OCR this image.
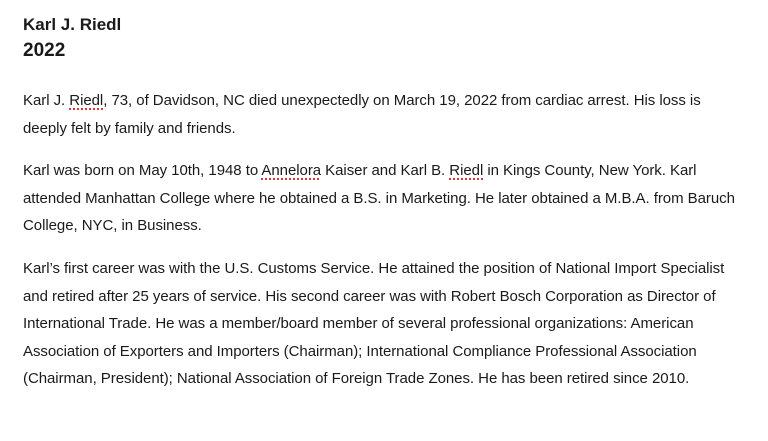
Karl J. Riedl
2022

Karl J. Riedl, 73, of Davidson, NC died unexpectedly on March 19, 2022 from cardiac arrest. His loss is deeply felt by family and friends.

Karl was born on May 10th, 1948 to Annelora Kaiser and Karl B. Riedl in Kings County, New York. Karl attended Manhattan College where he obtained a B.S. in Marketing. He later obtained a M.B.A. from Baruch College, NYC, in Business.

Karl’s first career was with the U.S. Customs Service. He attained the position of National Import Specialist and retired after 25 years of service. His second career was with Robert Bosch Corporation as Director of International Trade. He was a member/board member of several professional organizations: American Association of Exporters and Importers (Chairman); International Compliance Professional Association (Chairman, President); National Association of Foreign Trade Zones. He has been retired since 2010.
